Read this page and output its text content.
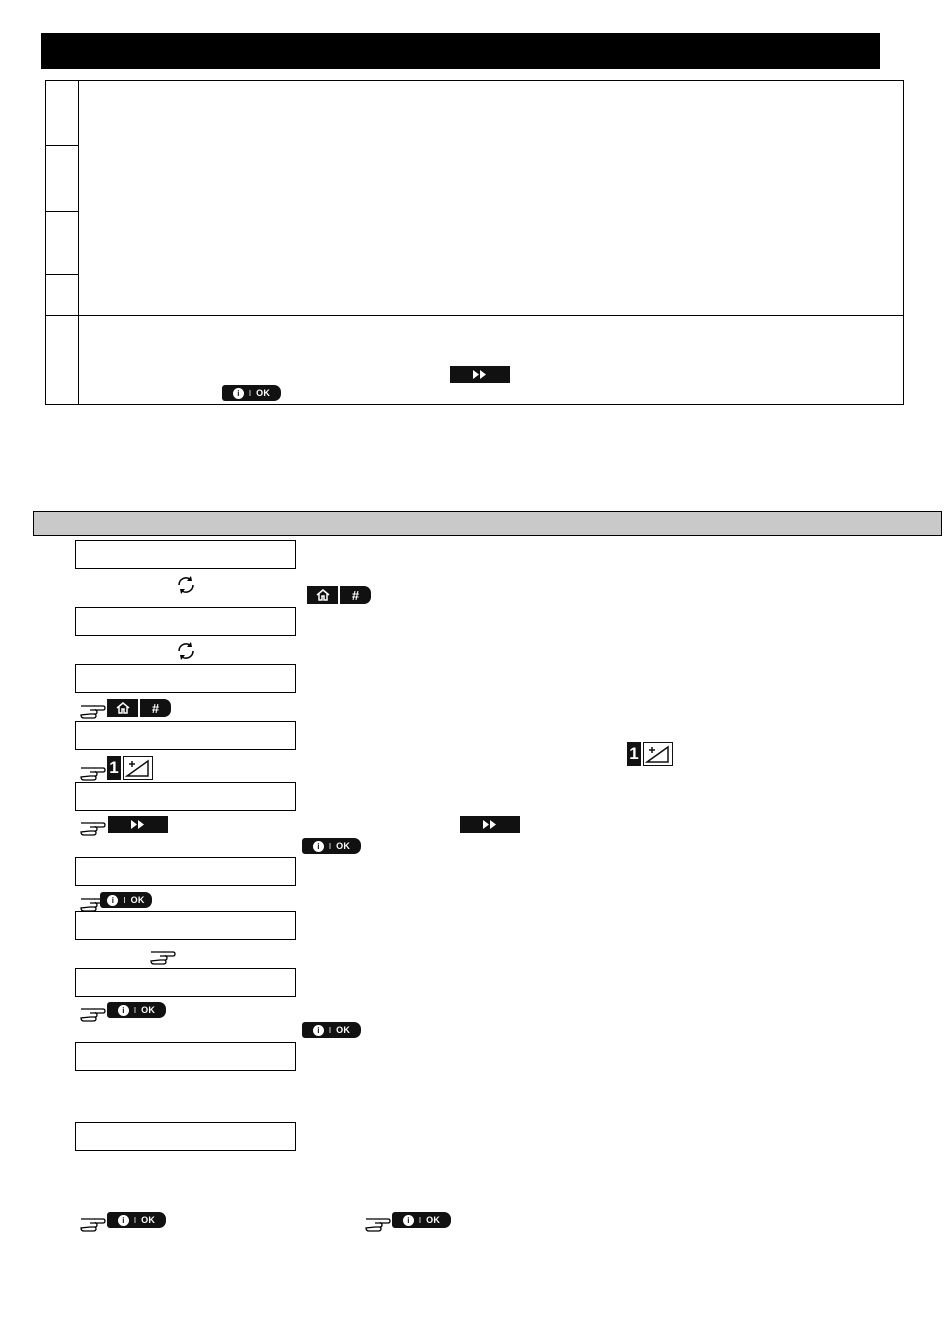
i	I OK
#
#
1
1
i	I OK
i	I OK
i	I OK
i	I OK
i	I OK	i	I OK
